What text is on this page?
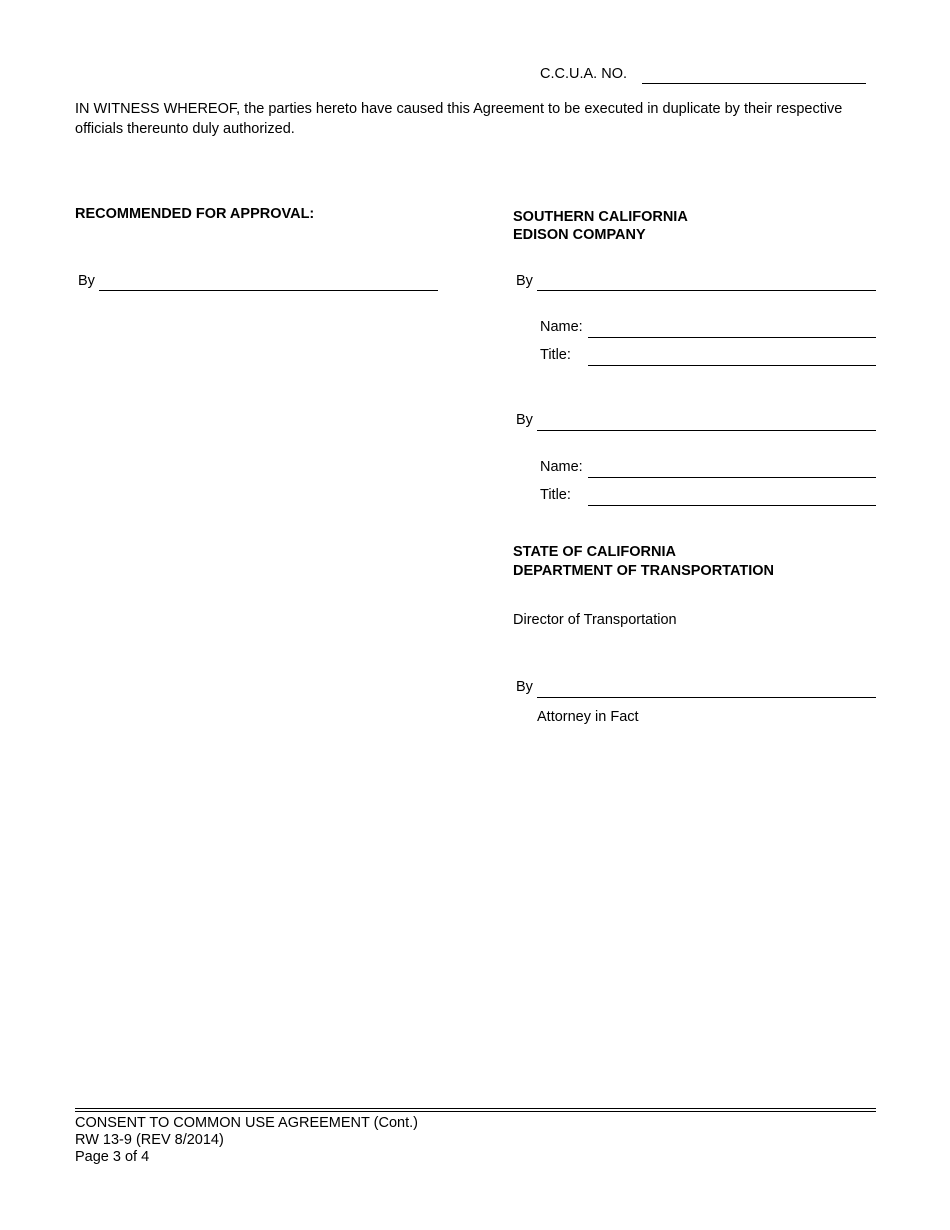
C.C.U.A. NO.
IN WITNESS WHEREOF, the parties hereto have caused this Agreement to be executed in duplicate by their respective officials thereunto duly authorized.
RECOMMENDED FOR APPROVAL:
By
SOUTHERN CALIFORNIA
EDISON COMPANY
By
Name:
Title:
By
Name:
Title:
STATE OF CALIFORNIA
DEPARTMENT OF TRANSPORTATION
Director of Transportation
By
Attorney in Fact
CONSENT TO COMMON USE AGREEMENT (Cont.)
RW 13-9 (REV 8/2014)
Page 3 of 4
